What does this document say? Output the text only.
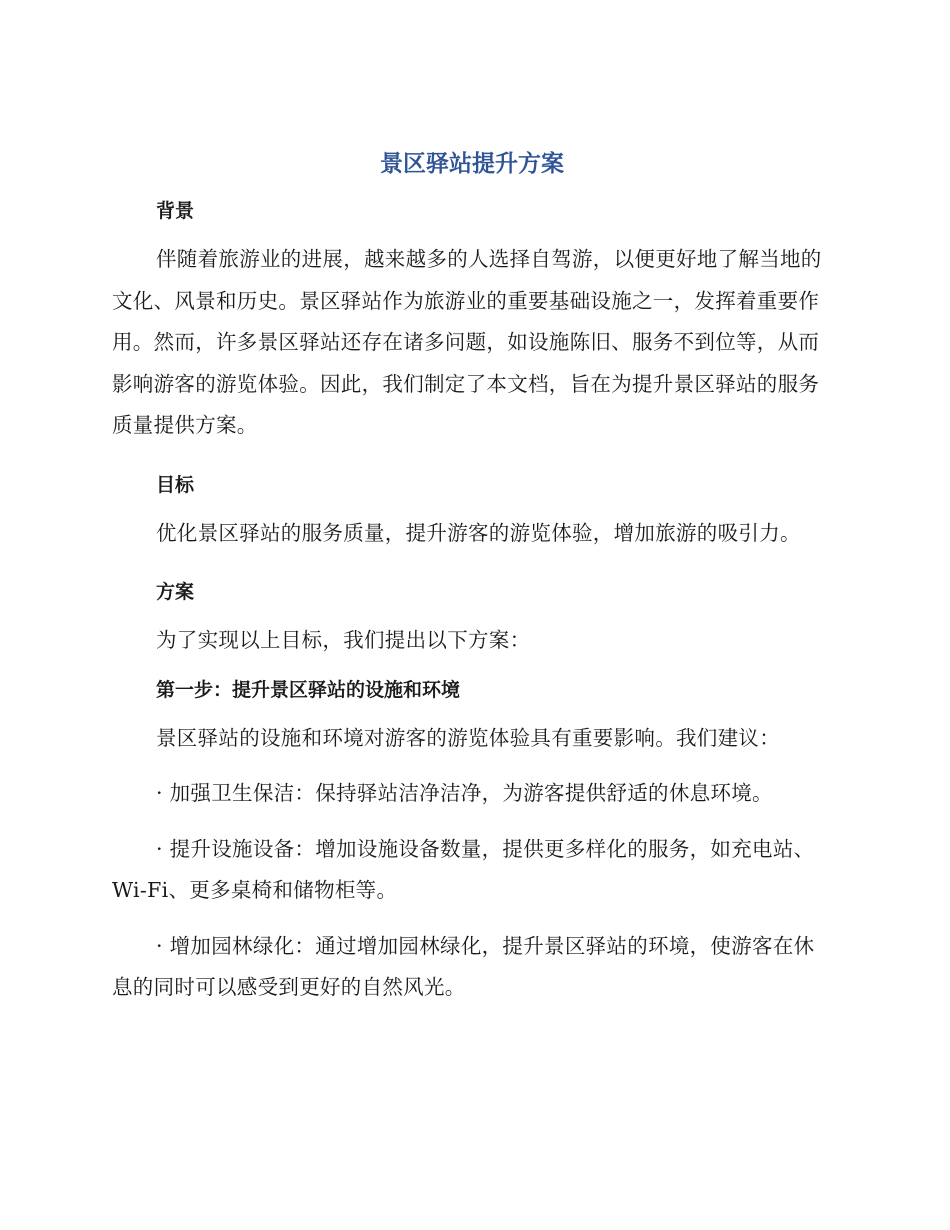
景区驿站提升方案
背景

伴随着旅游业的进展，越来越多的人选择自驾游，以便更好地了解当地的文化、风景和历史。景区驿站作为旅游业的重要基础设施之一，发挥着重要作用。然而，许多景区驿站还存在诸多问题，如设施陈旧、服务不到位等，从而影响游客的游览体验。因此，我们制定了本文档，旨在为提升景区驿站的服务质量提供方案。

目标

优化景区驿站的服务质量，提升游客的游览体验，增加旅游的吸引力。

方案

为了实现以上目标，我们提出以下方案：

第一步：提升景区驿站的设施和环境

景区驿站的设施和环境对游客的游览体验具有重要影响。我们建议：

· 加强卫生保洁：保持驿站洁净洁净，为游客提供舒适的休息环境。

· 提升设施设备：增加设施设备数量，提供更多样化的服务，如充电站、Wi-Fi、更多桌椅和储物柜等。

· 增加园林绿化：通过增加园林绿化，提升景区驿站的环境，使游客在休息的同时可以感受到更好的自然风光。
